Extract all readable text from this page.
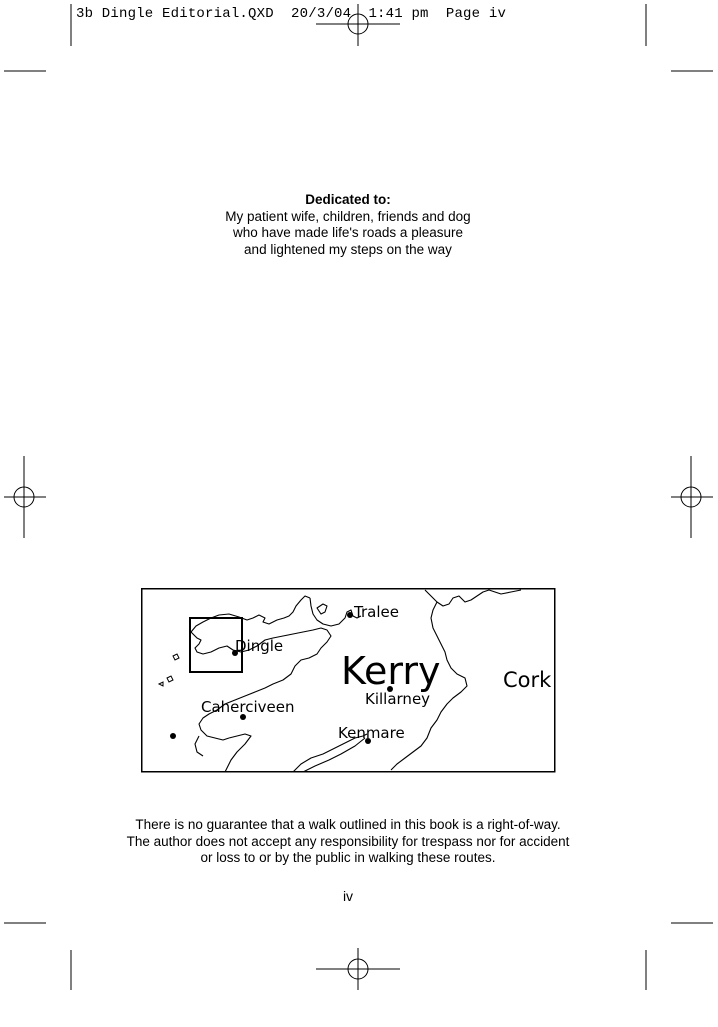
3b Dingle Editorial.QXD  20/3/04  1:41 pm  Page iv
Dedicated to:
My patient wife, children, friends and dog
who have made life's roads a pleasure
and lightened my steps on the way
Tralee
Dingle
Kerry
Killarney
Cork
Caherciveen
Kenmare
There is no guarantee that a walk outlined in this book is a right-of-way.
The author does not accept any responsibility for trespass nor for accident
or loss to or by the public in walking these routes.
iv
